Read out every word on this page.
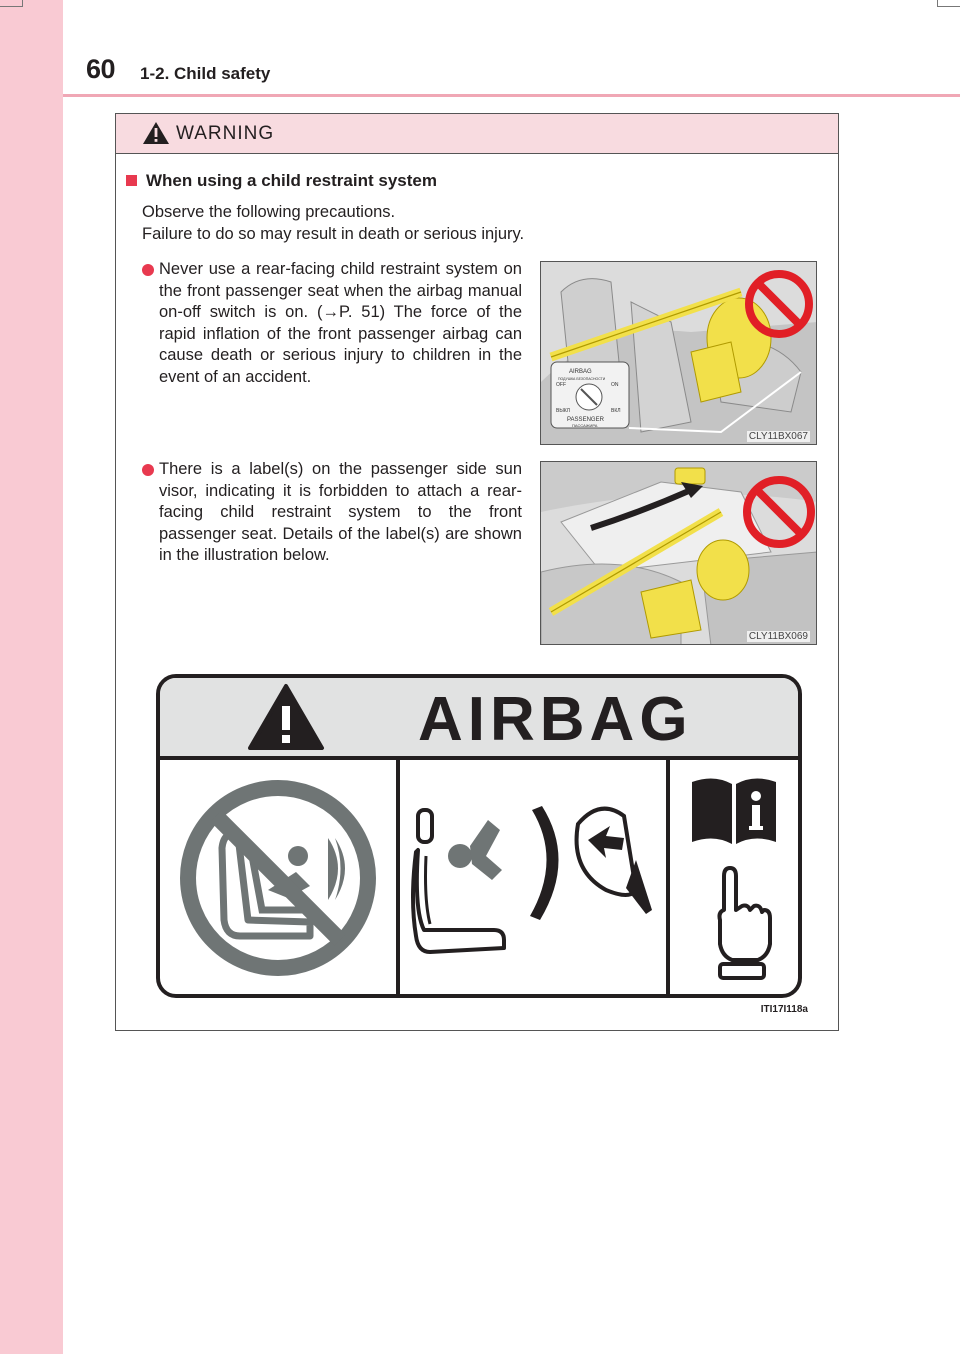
60 1-2. Child safety
WARNING
When using a child restraint system
Observe the following precautions.
Failure to do so may result in death or serious injury.
Never use a rear-facing child restraint system on the front passenger seat when the airbag manual on-off switch is on. (→P. 51) The force of the rapid inflation of the front passenger airbag can cause death or serious injury to children in the event of an accident.	AIRBAG
ПОДУШКА БЕЗОПАСНОСТИ
OFF	ON
ВЫКЛ	ВКЛ
PASSENGER
ПАССАЖИРА
CLY11BX067
There is a label(s) on the passenger side sun visor, indicating it is forbidden to attach a rear-facing child restraint system to the front passenger seat. Details of the label(s) are shown in the illustration below.
CLY11BX069
AIRBAG
ITI17I118a
